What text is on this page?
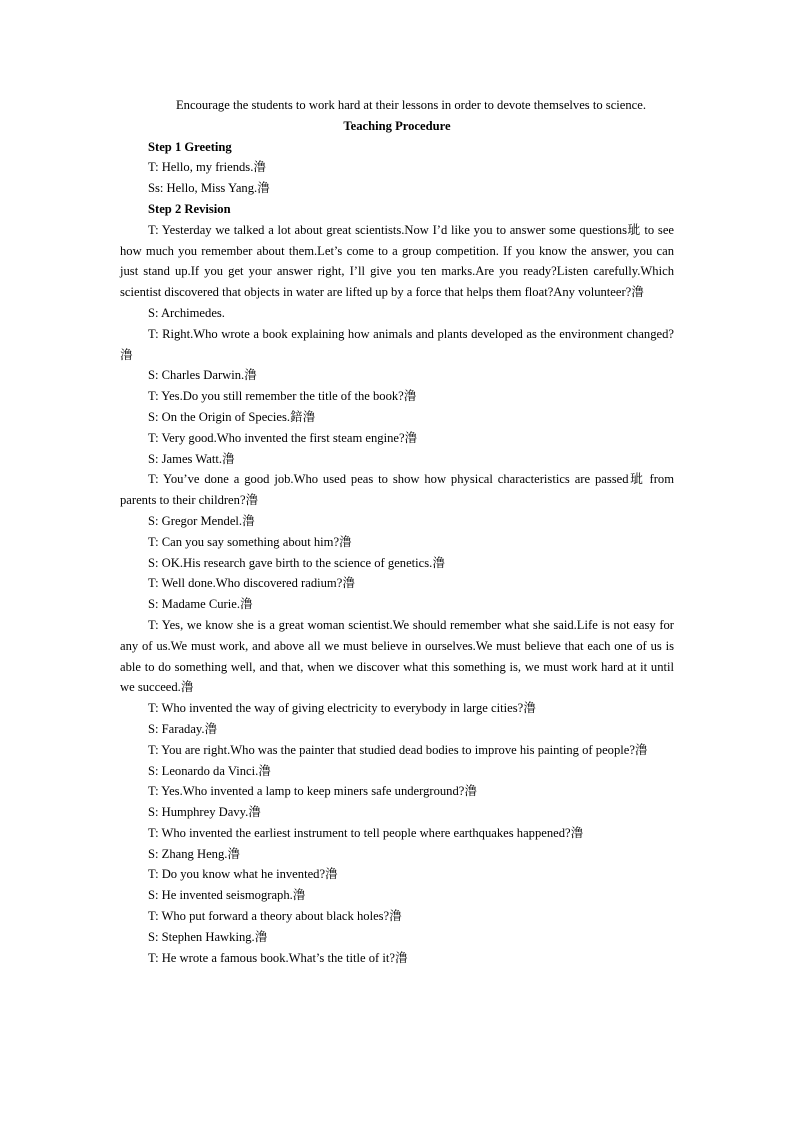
Encourage the students to work hard at their lessons in order to devote themselves to science.

Teaching Procedure

Step 1 Greeting

T: Hello, my friends.澛

Ss: Hello, Miss Yang.澛

Step 2 Revision

T: Yesterday we talked a lot about great scientists.Now I’d like you to answer some questions玼 to see how much you remember about them.Let’s come to a group competition. If you know the answer, you can just stand up.If you get your answer right, I’ll give you ten marks.Are you ready?Listen carefully.Which scientist discovered that objects in water are lifted up by a force that helps them float?Any volunteer?澛

S: Archimedes.

T: Right.Who wrote a book explaining how animals and plants developed as the environment changed?澛

S: Charles Darwin.澛

T: Yes.Do you still remember the title of the book?澛

S: On the Origin of Species.錇澛

T: Very good.Who invented the first steam engine?澛

S: James Watt.澛

T: You’ve done a good job.Who used peas to show how physical characteristics are passed玼 from parents to their children?澛

S: Gregor Mendel.澛

T: Can you say something about him?澛

S: OK.His research gave birth to the science of genetics.澛

T: Well done.Who discovered radium?澛

S: Madame Curie.澛

T: Yes, we know she is a great woman scientist.We should remember what she said.Life is not easy for any of us.We must work, and above all we must believe in ourselves.We must believe that each one of us is able to do something well, and that, when we discover what this something is, we must work hard at it until we succeed.澛

T: Who invented the way of giving electricity to everybody in large cities?澛

S: Faraday.澛

T: You are right.Who was the painter that studied dead bodies to improve his painting of people?澛

S: Leonardo da Vinci.澛

T: Yes.Who invented a lamp to keep miners safe underground?澛

S: Humphrey Davy.澛

T: Who invented the earliest instrument to tell people where earthquakes happened?澛

S: Zhang Heng.澛

T: Do you know what he invented?澛

S: He invented seismograph.澛

T: Who put forward a theory about black holes?澛

S: Stephen Hawking.澛

T: He wrote a famous book.What’s the title of it?澛
